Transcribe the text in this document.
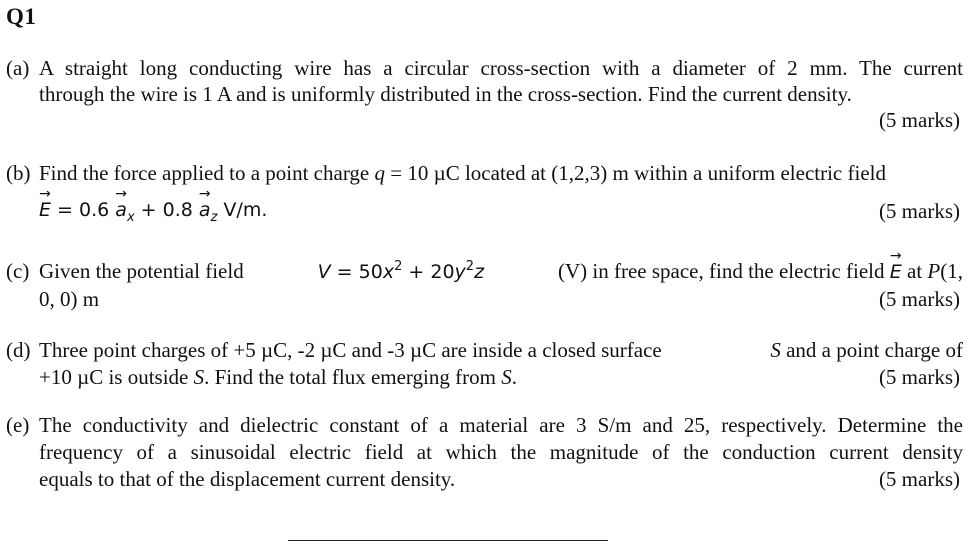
Q1
(a) A straight long conducting wire has a circular cross-section with a diameter of 2 mm. The current
through the wire is 1 A and is uniformly distributed in the cross-section. Find the current density.
(5 marks)
(b) Find the force applied to a point charge q = 10 µC located at (1,2,3) m within a uniform electric field
→ $E = 0.6 \to a_x + 0.8 \to a_z$ V/m.	(5 marks)
(c) Given the potential field	$V = 50x^2 + 20y^2z$	(V) in free space, find the electric field → E at P(1,
0, 0) m	(5 marks)
(d) Three point charges of +5 µC, -2 µC and -3 µC are inside a closed surface	S and a point charge of
+10 µC is outside S. Find the total flux emerging from S.	(5 marks)
(e) The conductivity and dielectric constant of a material are 3 S/m and 25, respectively. Determine the
frequency of a sinusoidal electric field at which the magnitude of the conduction current density
equals to that of the displacement current density.	(5 marks)
